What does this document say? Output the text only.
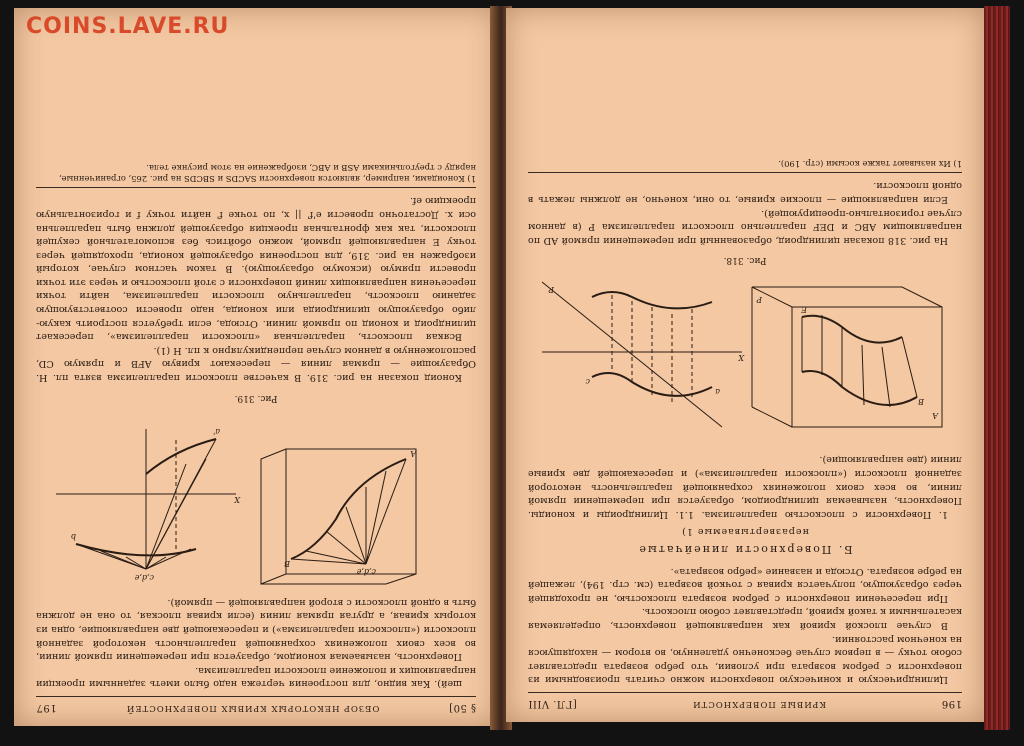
COINS.LAVE.RU
§ 50]
ОБЗОР НЕКОТОРЫХ КРИВЫХ ПОВЕРХНОСТЕЙ
197

шей). Как видно, для построения чертежа надо было иметь заданными проекции направляющих и положение плоскости параллелизма.

Поверхность, называемая коноидом, образуется при перемещении прямой линии, во всех своих положениях сохраняющей параллельность некоторой заданной плоскости («плоскости параллелизма») и пересекающей две направляющие, одна из которых кривая, а другая прямая линия (если кривая плоская, то она не должна быть в одной плоскости с второй направляющей — прямой).

c,d,e
A
B
X
c,d,e
a'
b
Рис. 319.

Коноид показан на рис. 319. В качестве плоскости параллелизма взята пл. Н. Образующие — прямая линия — пересекают кривую AFB и прямую CD, расположенную в данном случае перпендикулярно к пл. Н (1).

Всякая плоскость, параллельная «плоскости параллелизма», пересекает цилиндроид и коноид по прямой линии. Отсюда, если требуется построить какую-либо образующую цилиндроида или коноида, надо провести соответствующую заданию плоскость, параллельную плоскости параллелизма, найти точки пересечения направляющих линий поверхности с этой плоскостью и через эти точки провести прямую (искомую образующую). В таком частном случае, который изображен на рис. 319, для построения образующей коноида, проходящей через точку E направляющей прямой, можно обойтись без вспомогательной секущей плоскости, так как фронтальная проекция образующей должна быть параллельна оси x. Достаточно провести e'f' || x, по точке f' найти точку f и горизонтальную проекцию ef.

1) Коноидами, например, являются поверхности SACDS и SBCDS на рис. 265, ограниченные, наряду с треугольниками ASB и ABC, изображение на этом рисунке тела.
196
КРИВЫЕ ПОВЕРХНОСТИ
[ГЛ. VIII

Цилиндрическую и коническую поверхности можно считать производными из поверхности с ребром возврата при условии, что ребро возврата представляет собою точку — в первом случае бесконечно удаленную, во втором — находящуюся на конечном расстоянии.

В случае плоской кривой как направляющей поверхность, определяемая касательными к такой кривой, представляет собою плоскость.

При пересечении поверхности с ребром возврата плоскостью, не проходящей через образующую, получается кривая с точкой возврата (см. стр. 194), лежащей на ребре возврата. Отсюда и название «ребро возврата».

Б. Поверхности линейчатые
неразвертываемые 1)

1. Поверхности с плоскостью параллелизма. 1.1. Цилиндроиды и коноиды. Поверхность, называемая цилиндроидом, образуется при перемещении прямой линии, во всех своих положениях сохраняющей параллельность некоторой заданной плоскости («плоскости параллелизма») и пересекающей две кривые линии (две направляющие).

A
P
B
E
X
a
c
P
Рис. 318.

На рис. 318 показан цилиндроид, образованный при перемещении прямой AD по направляющим ABC и DEF параллельно плоскости параллелизма P (в данном случае горизонтально-проецирующей).

Если направляющие — плоские кривые, то они, конечно, не должны лежать в одной плоскости.

1) Их называют также косыми (стр. 190).
